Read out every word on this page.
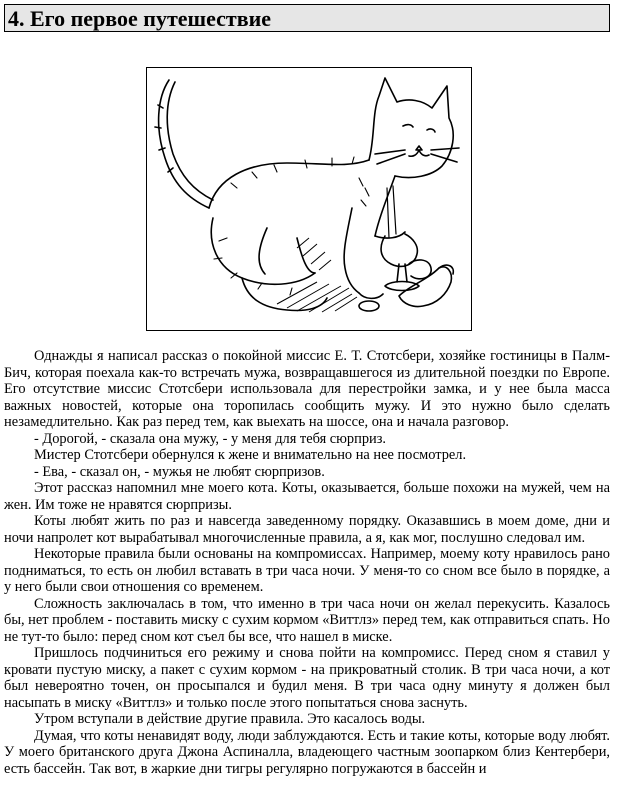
4. Его первое путешествие

Однажды я написал рассказ о покойной миссис Е. Т. Стотсбери, хозяйке гостиницы в Палм-Бич, которая поехала как-то встречать мужа, возвращавшегося из длительной поездки по Европе. Его отсутствие миссис Стотсбери использовала для перестройки замка, и у нее была масса важных новостей, которые она торопилась сообщить мужу. И это нужно было сделать незамедлительно. Как раз перед тем, как выехать на шоссе, она и начала разговор.

- Дорогой, - сказала она мужу, - у меня для тебя сюрприз.

Мистер Стотсбери обернулся к жене и внимательно на нее посмотрел.

- Ева, - сказал он, - мужья не любят сюрпризов.

Этот рассказ напомнил мне моего кота. Коты, оказывается, больше похожи на мужей, чем на жен. Им тоже не нравятся сюрпризы.

Коты любят жить по раз и навсегда заведенному порядку. Оказавшись в моем доме, дни и ночи напролет кот вырабатывал многочисленные правила, а я, как мог, послушно следовал им.

Некоторые правила были основаны на компромиссах. Например, моему коту нравилось рано подниматься, то есть он любил вставать в три часа ночи. У меня-то со сном все было в порядке, а у него были свои отношения со временем.

Сложность заключалась в том, что именно в три часа ночи он желал перекусить. Казалось бы, нет проблем - поставить миску с сухим кормом «Виттлз» перед тем, как отправиться спать. Но не тут-то было: перед сном кот съел бы все, что нашел в миске.

Пришлось подчиниться его режиму и снова пойти на компромисс. Перед сном я ставил у кровати пустую миску, а пакет с сухим кормом - на прикроватный столик. В три часа ночи, а кот был невероятно точен, он просыпался и будил меня. В три часа одну минуту я должен был насыпать в миску «Виттлз» и только после этого попытаться снова заснуть.

Утром вступали в действие другие правила. Это касалось воды.

Думая, что коты ненавидят воду, люди заблуждаются. Есть и такие коты, которые воду любят. У моего британского друга Джона Аспиналла, владеющего частным зоопарком близ Кентербери, есть бассейн. Так вот, в жаркие дни тигры регулярно погружаются в бассейн и
